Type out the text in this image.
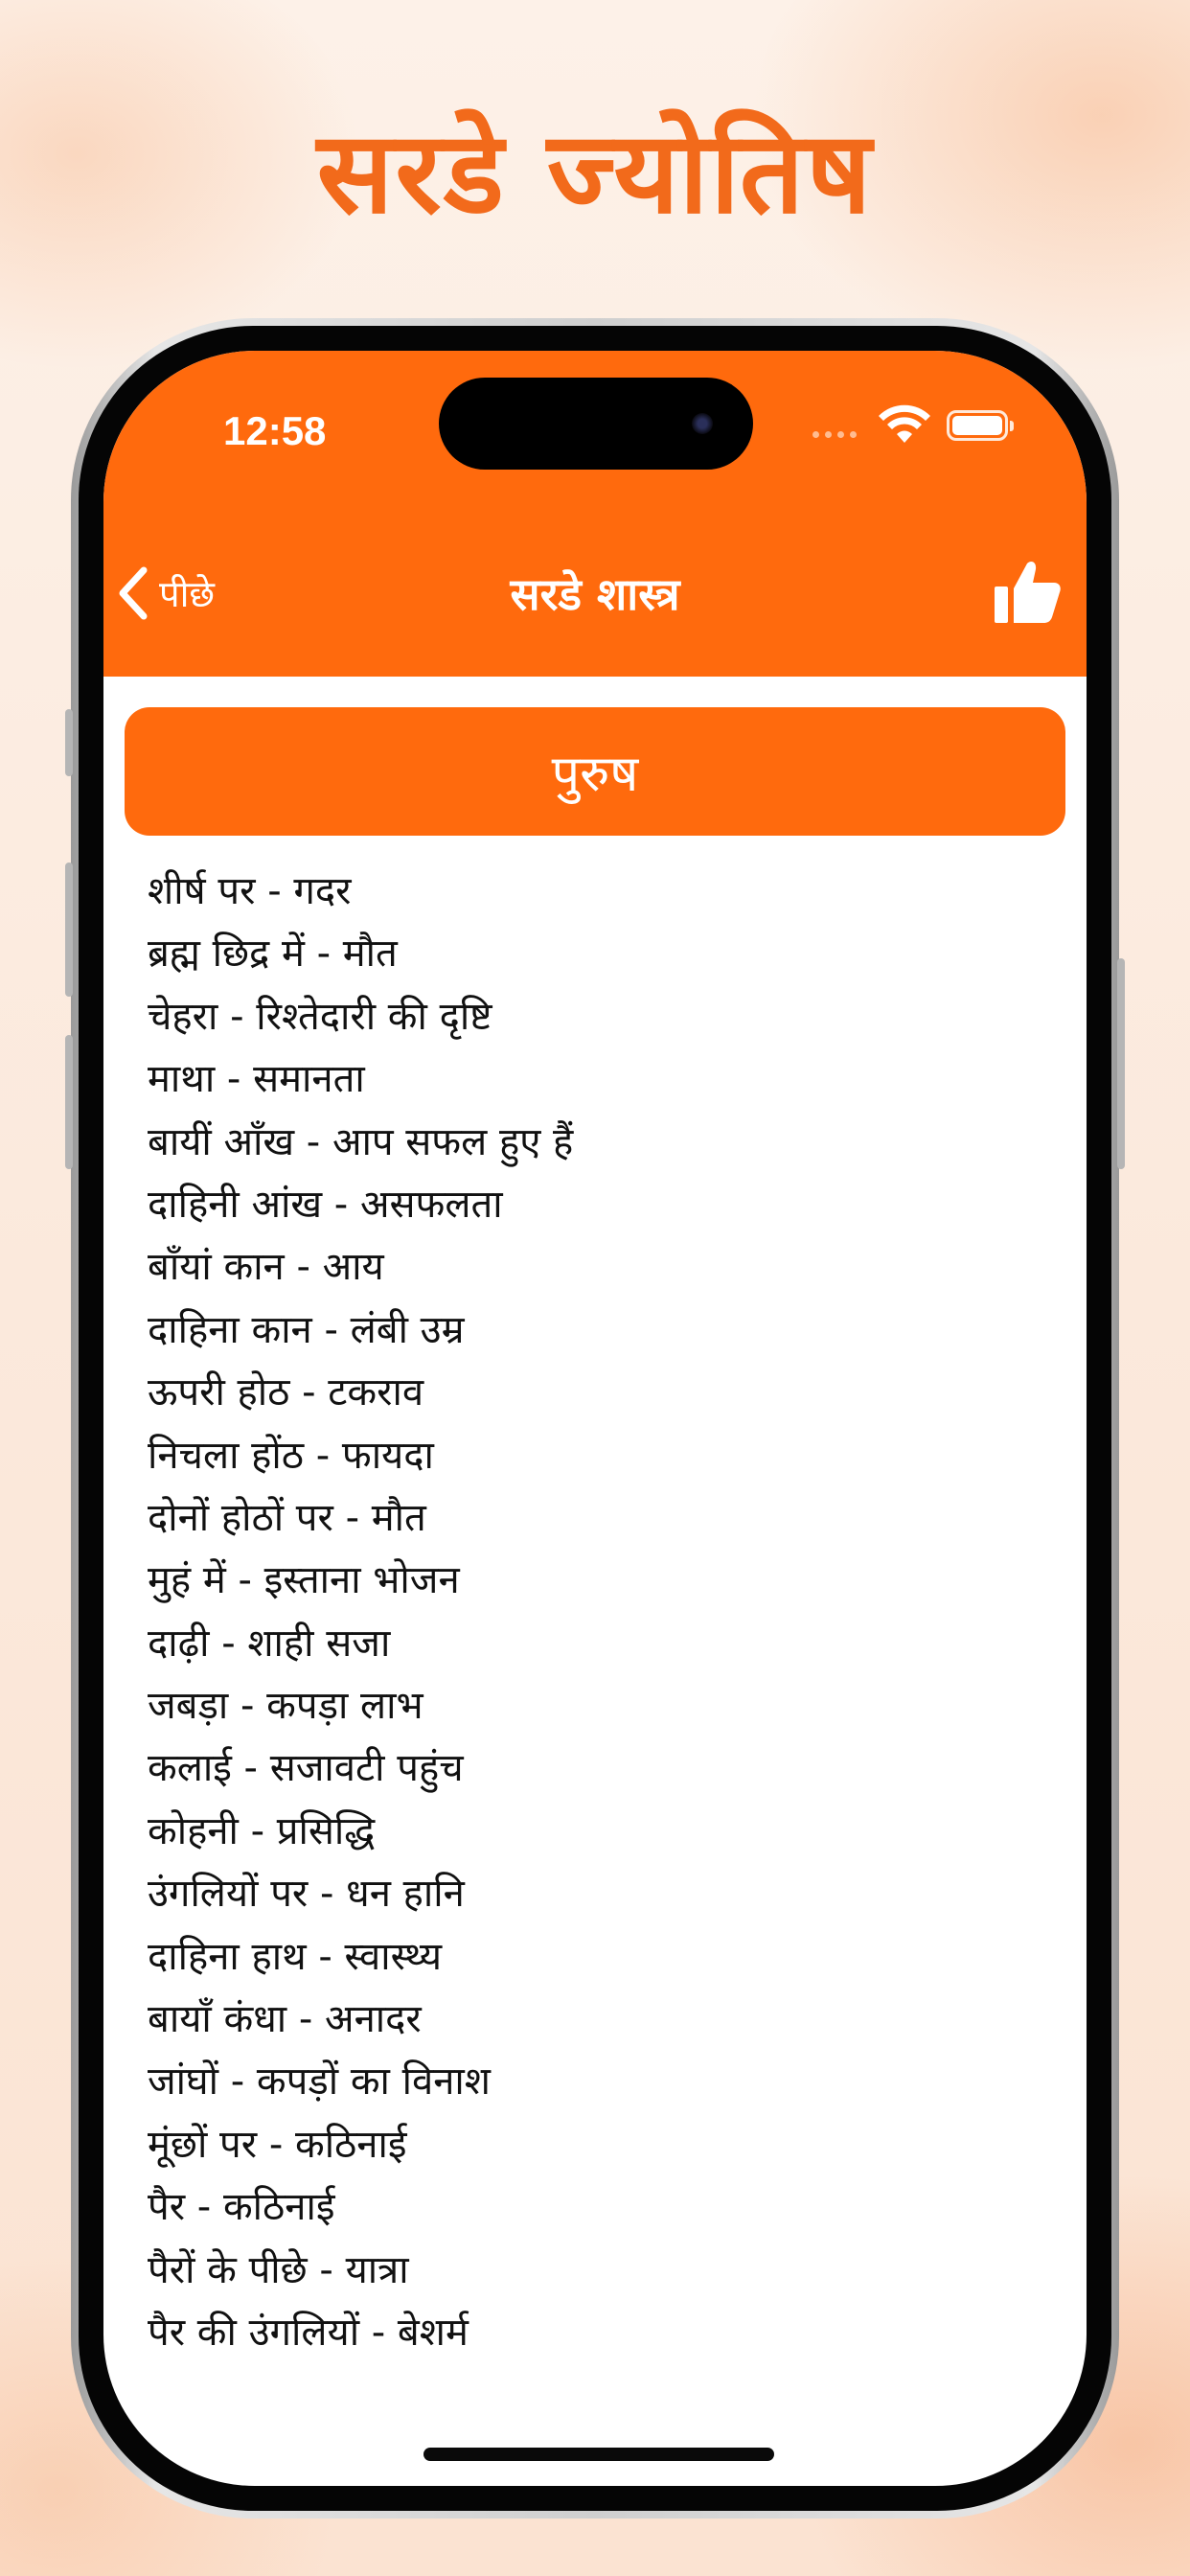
सरडे ज्योतिष
12:58
पीछे	सरडे शास्त्र
पुरुष
शीर्ष पर - गदर
ब्रह्म छिद्र में - मौत
चेहरा - रिश्तेदारी की दृष्टि
माथा - समानता
बायीं आँख - आप सफल हुए हैं
दाहिनी आंख - असफलता
बाँयां कान - आय
दाहिना कान - लंबी उम्र
ऊपरी होठ - टकराव
निचला होंठ - फायदा
दोनों होठों पर - मौत
मुहं में - इस्ताना भोजन
दाढ़ी - शाही सजा
जबड़ा - कपड़ा लाभ
कलाई - सजावटी पहुंच
कोहनी - प्रसिद्धि
उंगलियों पर - धन हानि
दाहिना हाथ - स्वास्थ्य
बायाँ कंधा - अनादर
जांघों - कपड़ों का विनाश
मूंछों पर - कठिनाई
पैर - कठिनाई
पैरों के पीछे - यात्रा
पैर की उंगलियों - बेशर्म
